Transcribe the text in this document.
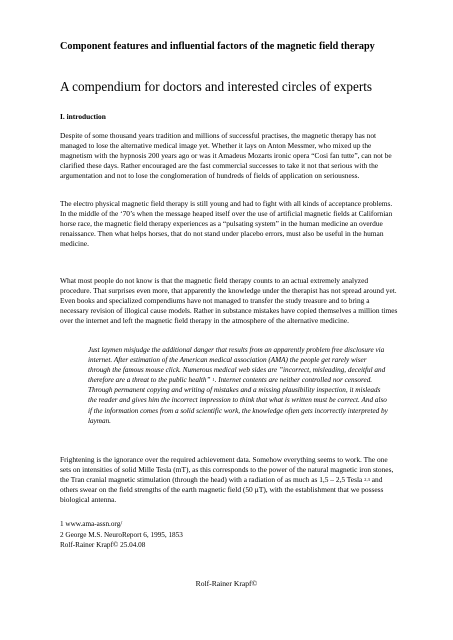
Component features and influential factors of the magnetic field therapy
A compendium for doctors and interested circles of experts
I. introduction

Despite of some thousand years tradition and millions of successful practises, the magnetic therapy has not managed to lose the alternative medical image yet. Whether it lays on Anton Messmer, who mixed up the magnetism with the hypnosis 200 years ago or was it Amadeus Mozarts ironic opera “Cosi fan tutte”, can not be clarified these days. Rather encouraged are the fast commercial successes to take it not that serious with the argumentation and not to lose the conglomeration of hundreds of fields of application on seriousness.

The electro physical magnetic field therapy is still young and had to fight with all kinds of acceptance problems. In the middle of the ‘70’s when the message heaped itself over the use of artificial magnetic fields at Californian horse race, the magnetic field therapy experiences as a “pulsating system” in the human medicine an overdue renaissance. Then what helps horses, that do not stand under placebo errors, must also be useful in the human medicine.

What most people do not know is that the magnetic field therapy counts to an actual extremely analyzed procedure. That surprises even more, that apparently the knowledge under the therapist has not spread around yet. Even books and specialized compendiums have not managed to transfer the study treasure and to bring a necessary revision of illogical cause models. Rather in substance mistakes have copied themselves a million times over the internet and left the magnetic field therapy in the atmosphere of the alternative medicine.

Just laymen misjudge the additional danger that results from an apparently problem free disclosure via internet. After estimation of the American medical association (AMA) the people get rarely wiser through the famous mouse click. Numerous medical web sides are ”incorrect, misleading, deceitful and therefore are a threat to the public health” $^1$. Internet contents are neither controlled nor censored. Through permanent copying and writing of mistakes and a missing plausibility inspection, it misleads the reader and gives him the incorrect impression to think that what is written must be correct. And also if the information comes from a solid scientific work, the knowledge often gets incorrectly interpreted by layman.

Frightening is the ignorance over the required achievement data. Somehow everything seems to work. The one sets on intensities of solid Mille Tesla (mT), as this corresponds to the power of the natural magnetic iron stones, the Tran cranial magnetic stimulation (through the head) with a radiation of as much as 1,5 – 2,5 Tesla $^{2,3}$ and others swear on the field strengths of the earth magnetic field (50 µT), with the establishment that we possess biological antenna.

1 www.ama-assn.org/
2 George M.S. NeuroReport 6, 1995, 1853
Rolf-Rainer Krapf© 25.04.08
Rolf-Rainer Krapf©
